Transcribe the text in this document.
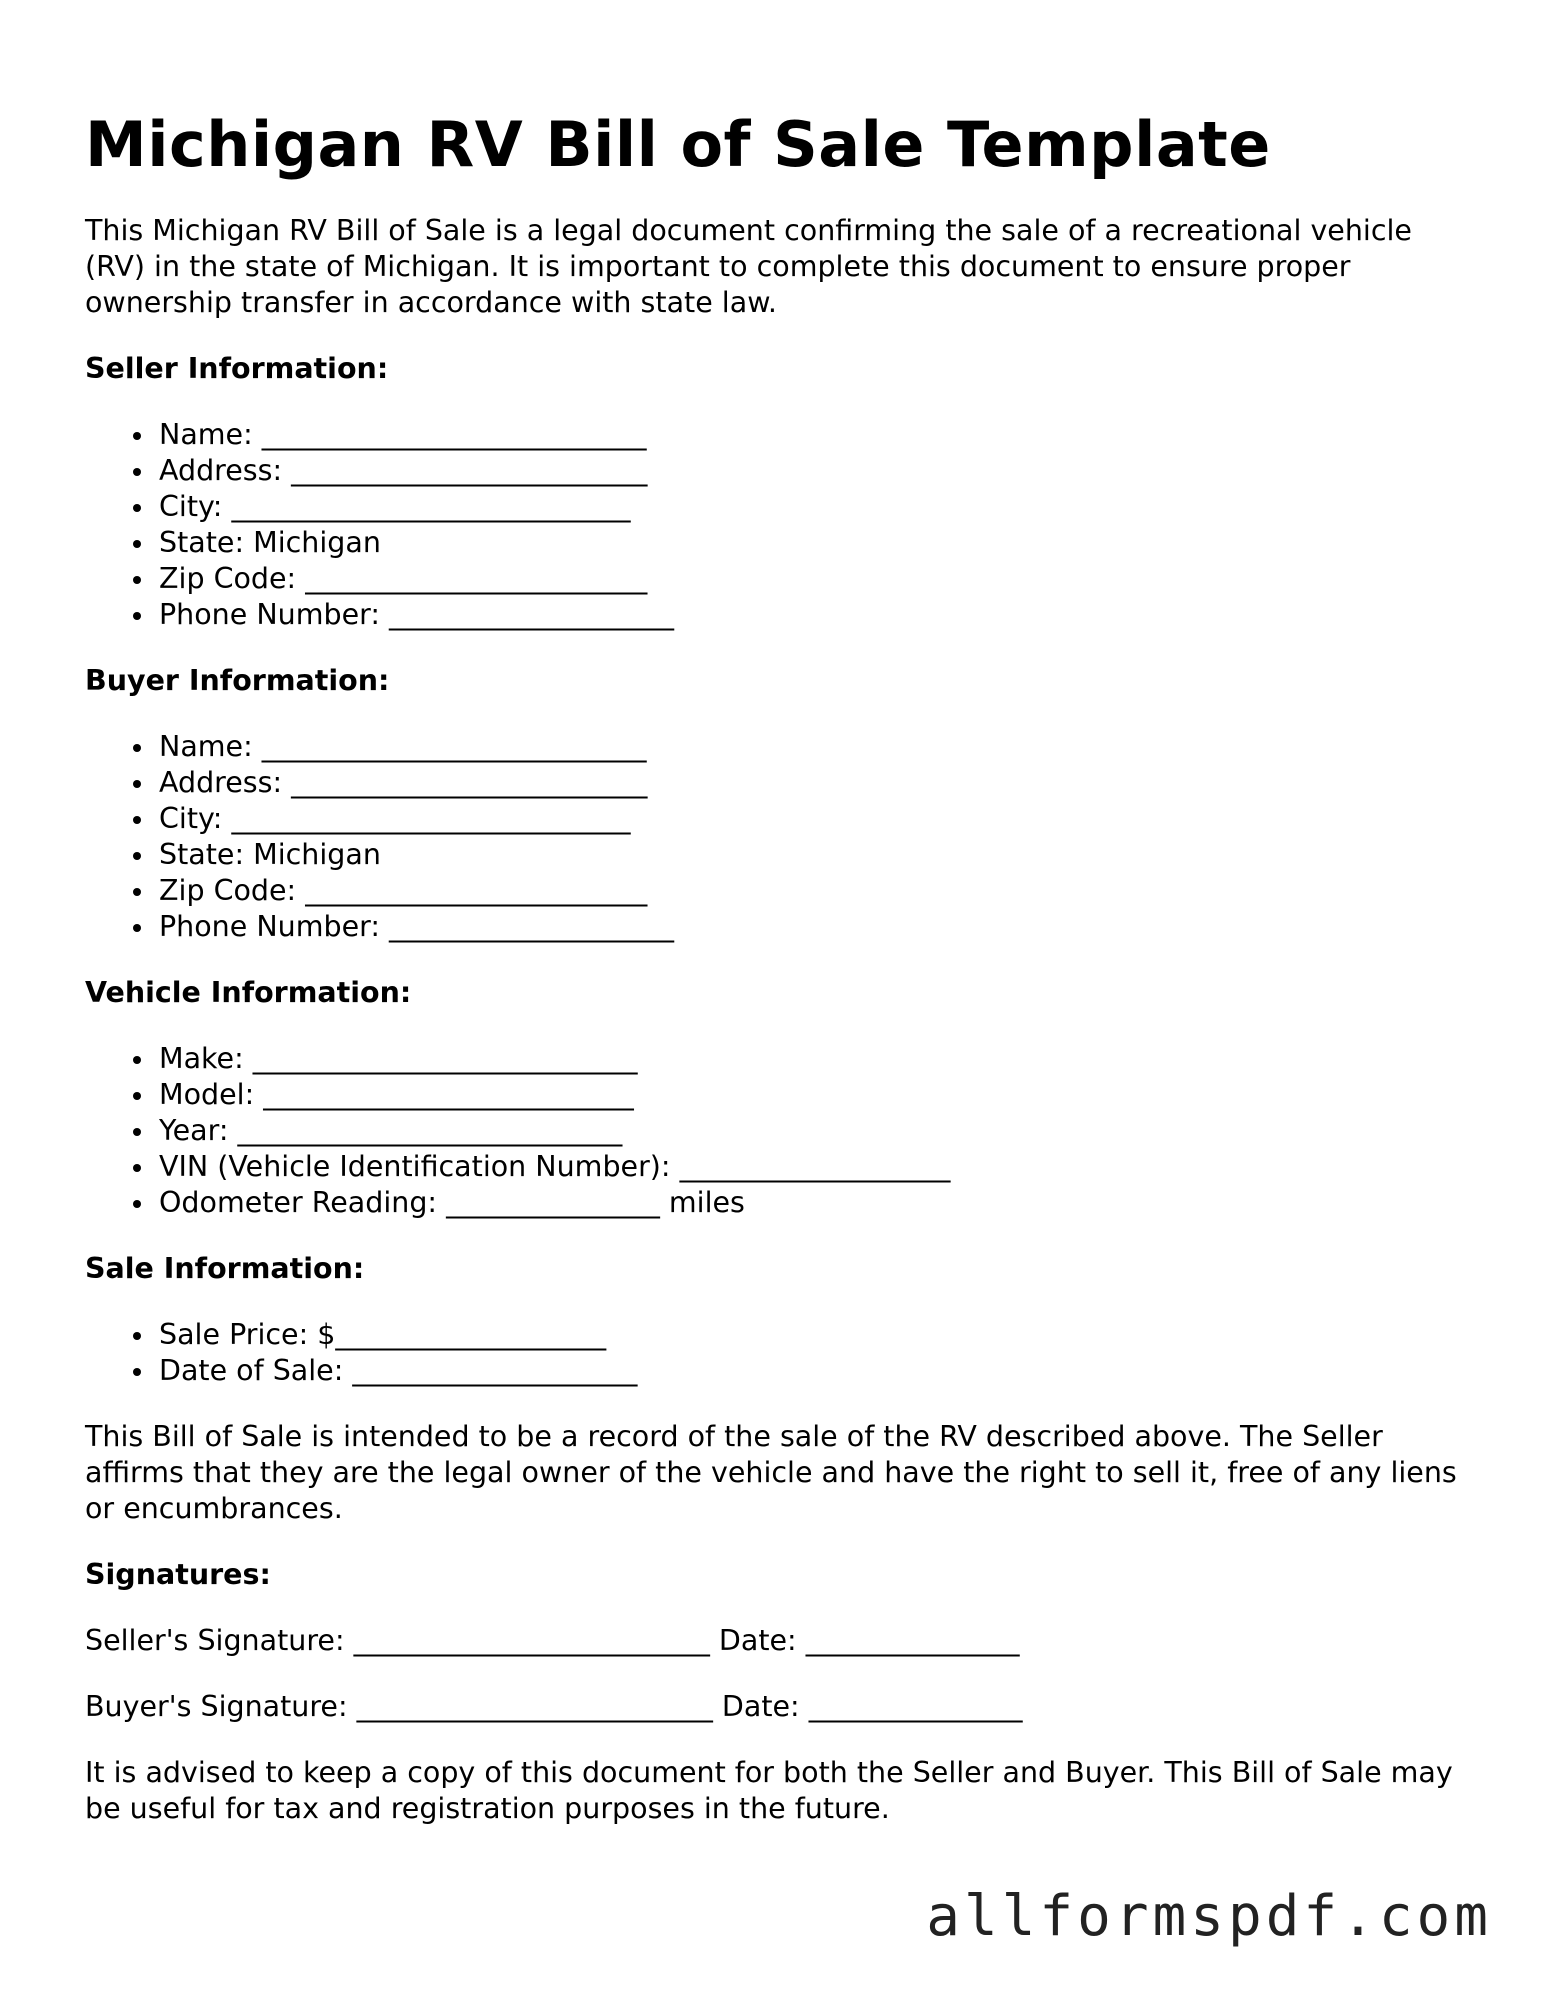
Michigan RV Bill of Sale Template

This Michigan RV Bill of Sale is a legal document confirming the sale of a recreational vehicle (RV) in the state of Michigan. It is important to complete this document to ensure proper ownership transfer in accordance with state law.

Seller Information:
Name: ___________________________
Address: _________________________
City: ____________________________
State: Michigan
Zip Code: ________________________
Phone Number: ____________________
Buyer Information:
Name: ___________________________
Address: _________________________
City: ____________________________
State: Michigan
Zip Code: ________________________
Phone Number: ____________________
Vehicle Information:
Make: ___________________________
Model: __________________________
Year: ___________________________
VIN (Vehicle Identification Number): ___________________
Odometer Reading: _______________ miles
Sale Information:
Sale Price: $___________________
Date of Sale: ____________________

This Bill of Sale is intended to be a record of the sale of the RV described above. The Seller affirms that they are the legal owner of the vehicle and have the right to sell it, free of any liens or encumbrances.

Signatures:
Seller's Signature: _________________________ Date: _______________
Buyer's Signature: _________________________ Date: _______________

It is advised to keep a copy of this document for both the Seller and Buyer. This Bill of Sale may be useful for tax and registration purposes in the future.

allformspdf.com
